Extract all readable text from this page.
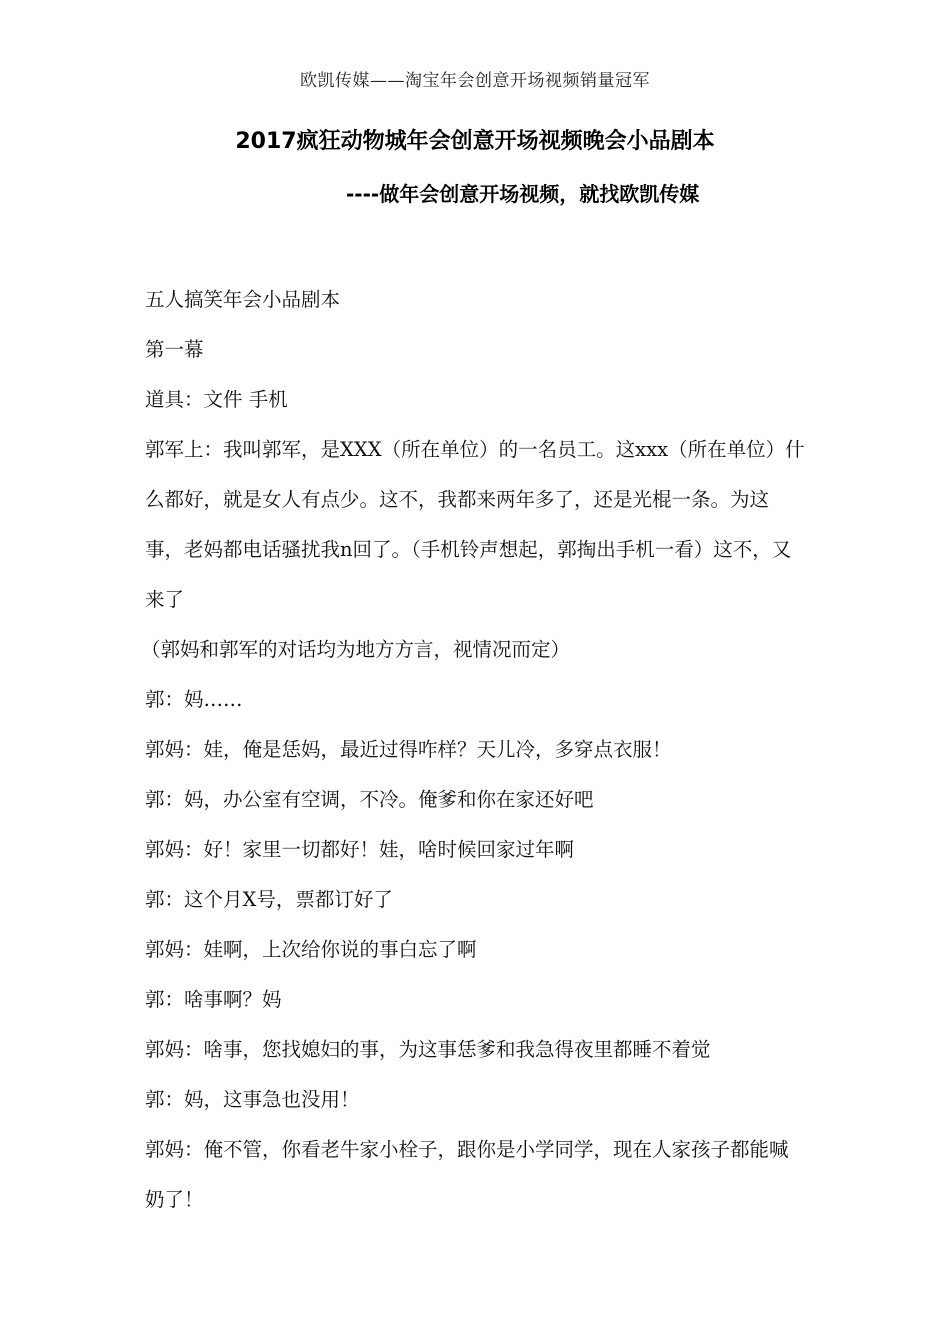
欧凯传媒——淘宝年会创意开场视频销量冠军
2017疯狂动物城年会创意开场视频晚会小品剧本
----做年会创意开场视频，就找欧凯传媒

五人搞笑年会小品剧本

第一幕

道具：文件 手机

郭军上：我叫郭军，是XXX（所在单位）的一名员工。这xxx（所在单位）什么都好，就是女人有点少。这不，我都来两年多了，还是光棍一条。为这事，老妈都电话骚扰我n回了。（手机铃声想起，郭掏出手机一看）这不，又来了

（郭妈和郭军的对话均为地方方言，视情况而定）

郭：妈……

郭妈：娃，俺是恁妈，最近过得咋样？天儿冷，多穿点衣服！

郭：妈，办公室有空调，不冷。俺爹和你在家还好吧

郭妈：好！家里一切都好！娃，啥时候回家过年啊

郭：这个月X号，票都订好了

郭妈：娃啊，上次给你说的事白忘了啊

郭：啥事啊？妈

郭妈：啥事，您找媳妇的事，为这事恁爹和我急得夜里都睡不着觉

郭：妈，这事急也没用！

郭妈：俺不管，你看老牛家小栓子，跟你是小学同学，现在人家孩子都能喊奶了！
